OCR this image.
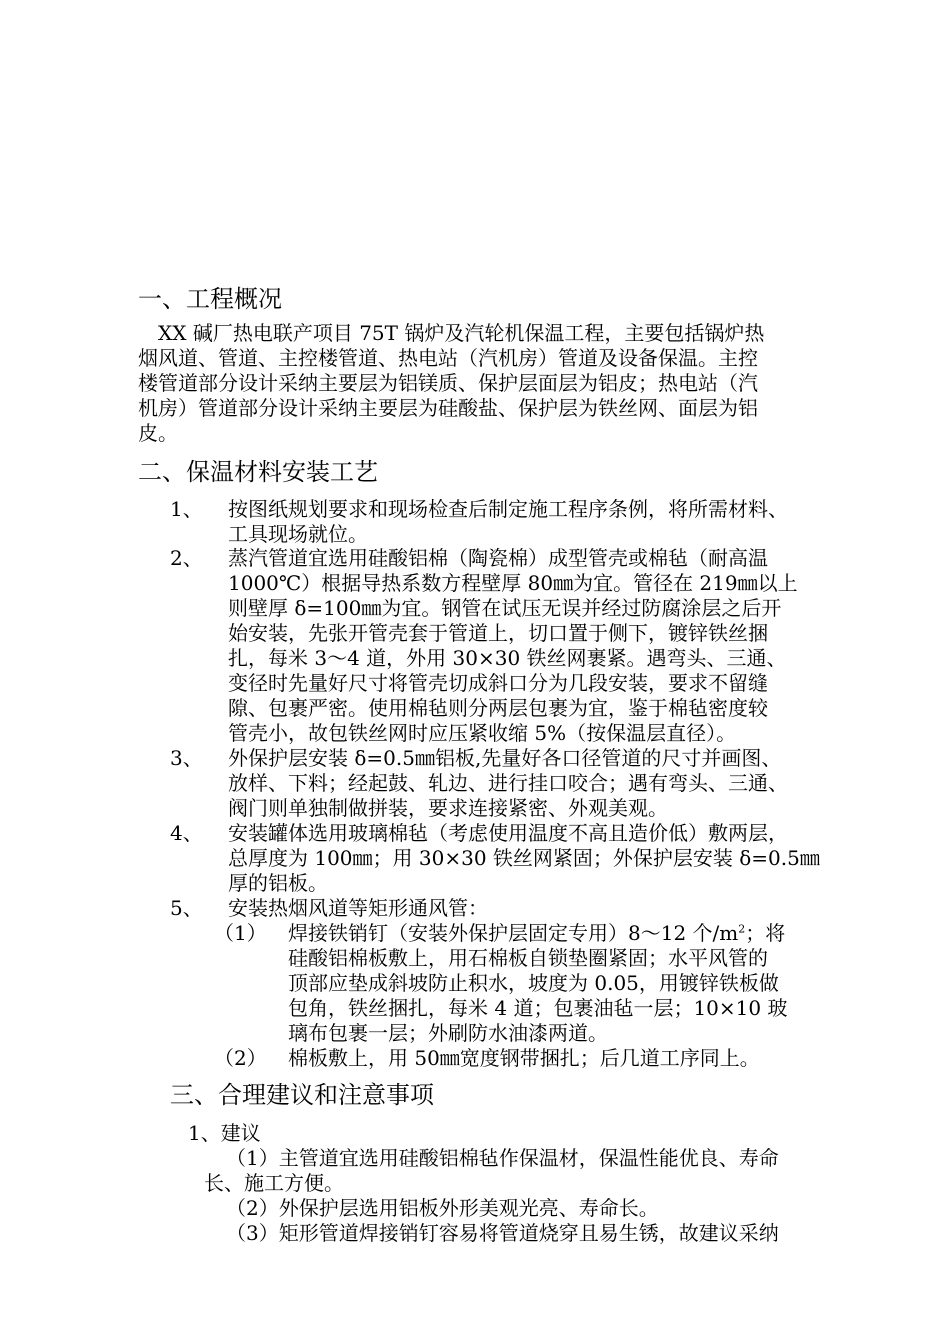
一、工程概况
　XX 碱厂热电联产项目 75T 锅炉及汽轮机保温工程，主要包括锅炉热
烟风道、管道、主控楼管道、热电站（汽机房）管道及设备保温。主控
楼管道部分设计采纳主要层为铝镁质、保护层面层为铝皮；热电站（汽
机房）管道部分设计采纳主要层为硅酸盐、保护层为铁丝网、面层为铝
皮。
二、保温材料安装工艺
1、 按图纸规划要求和现场检查后制定施工程序条例，将所需材料、
工具现场就位。
2、 蒸汽管道宜选用硅酸铝棉（陶瓷棉）成型管壳或棉毡（耐高温
1000℃）根据导热系数方程壁厚 80㎜为宜。管径在 219㎜以上
则壁厚 δ=100㎜为宜。钢管在试压无误并经过防腐涂层之后开
始安装，先张开管壳套于管道上，切口置于侧下，镀锌铁丝捆
扎，每米 3～4 道，外用 30×30 铁丝网裹紧。遇弯头、三通、
变径时先量好尺寸将管壳切成斜口分为几段安装，要求不留缝
隙、包裹严密。使用棉毡则分两层包裹为宜，鉴于棉毡密度较
管壳小，故包铁丝网时应压紧收缩 5%（按保温层直径）。
3、 外保护层安装 δ=0.5㎜铝板,先量好各口径管道的尺寸并画图、
放样、下料；经起鼓、轧边、进行挂口咬合；遇有弯头、三通、
阀门则单独制做拼装，要求连接紧密、外观美观。
4、 安装罐体选用玻璃棉毡（考虑使用温度不高且造价低）敷两层，
总厚度为 100㎜；用 30×30 铁丝网紧固；外保护层安装 δ=0.5㎜
厚的铝板。
5、 安装热烟风道等矩形通风管：
（1） 焊接铁销钉（安装外保护层固定专用）8～12 个$/m^2$；将
硅酸铝棉板敷上，用石棉板自锁垫圈紧固；水平风管的
顶部应垫成斜坡防止积水，坡度为 0.05，用镀锌铁板做
包角，铁丝捆扎，每米 4 道；包裹油毡一层；10×10 玻
璃布包裹一层；外刷防水油漆两道。
（2） 棉板敷上，用 50㎜宽度钢带捆扎；后几道工序同上。
三、合理建议和注意事项
1、建议
（1）主管道宜选用硅酸铝棉毡作保温材，保温性能优良、寿命
长、施工方便。
（2）外保护层选用铝板外形美观光亮、寿命长。
（3）矩形管道焊接销钉容易将管道烧穿且易生锈，故建议采纳
